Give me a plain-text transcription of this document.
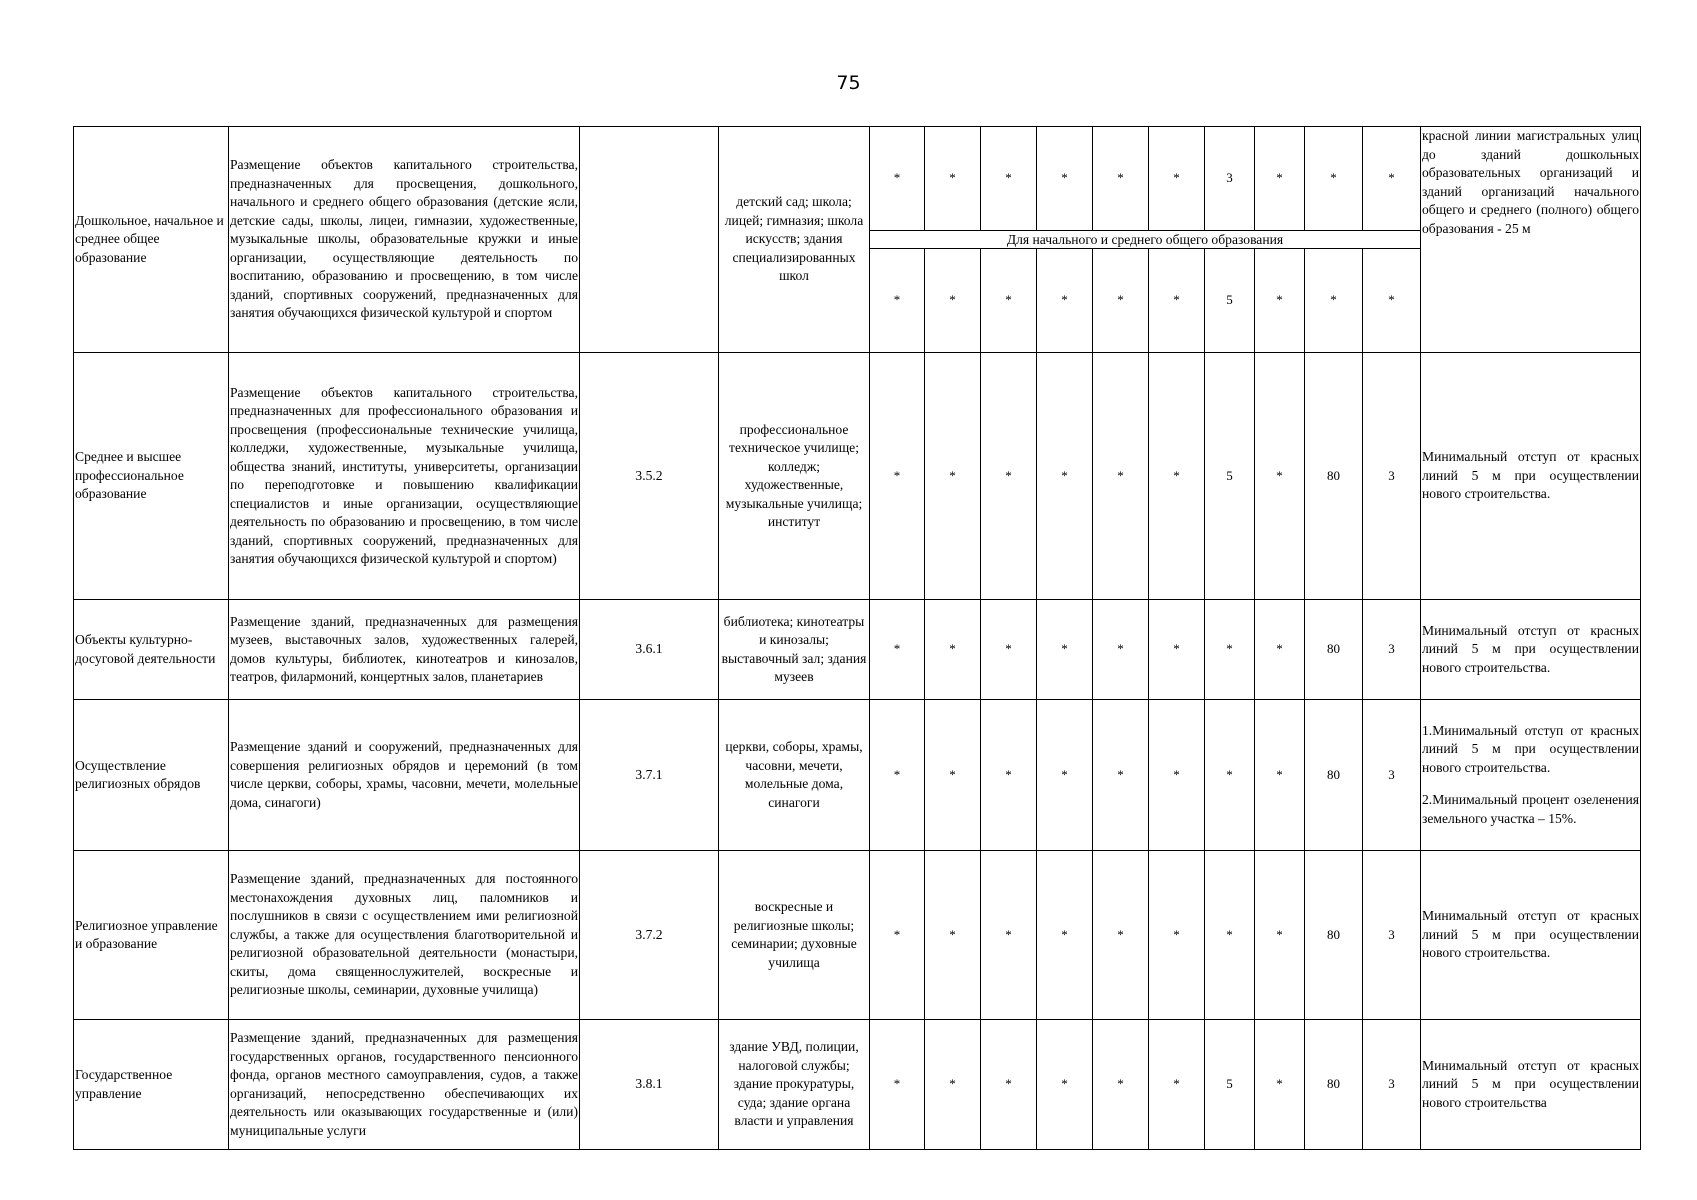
75
Дошкольное, начальное и среднее общее образование	Размещение объектов капитального строительства, предназначенных для просвещения, дошкольного, начального и среднего общего образования (детские ясли, детские сады, школы, лицеи, гимназии, художественные, музыкальные школы, образовательные кружки и иные организации, осуществляющие деятельность по воспитанию, образованию и просвещению, в том числе зданий, спортивных сооружений, предназначенных для занятия обучающихся физической культурой и спортом		детский сад; школа; лицей; гимназия; школа искусств; здания специализированных школ	*	*	*	*	*	*	3	*	*	*	красной линии магистральных улиц до зданий дошкольных образовательных организаций и зданий организаций начального общего и среднего (полного) общего образования - 25 м
				Для начального и среднего общего образования										
				*	*	*	*	*	*	5	*	*	*	
Среднее и высшее профессиональное образование	Размещение объектов капитального строительства, предназначенных для профессионального образования и просвещения (профессиональные технические училища, колледжи, художественные, музыкальные училища, общества знаний, институты, университеты, организации по переподготовке и повышению квалификации специалистов и иные организации, осуществляющие деятельность по образованию и просвещению, в том числе зданий, спортивных сооружений, предназначенных для занятия обучающихся физической культурой и спортом)	3.5.2	профессиональное техническое училище; колледж; художественные, музыкальные училища; институт	*	*	*	*	*	*	5	*	80	3	Минимальный отступ от красных линий 5 м при осуществлении нового строительства.

Объекты культурно-досуговой деятельности	Размещение зданий, предназначенных для размещения музеев, выставочных залов, художественных галерей, домов культуры, библиотек, кинотеатров и кинозалов, театров, филармоний, концертных залов, планетариев	3.6.1	библиотека; кинотеатры и кинозалы; выставочный зал; здания музеев	*	*	*	*	*	*	*	*	80	3	Минимальный отступ от красных линий 5 м при осуществлении нового строительства.

Осуществление религиозных обрядов	Размещение зданий и сооружений, предназначенных для совершения религиозных обрядов и церемоний (в том числе церкви, соборы, храмы, часовни, мечети, молельные дома, синагоги)	3.7.1	церкви, соборы, храмы, часовни, мечети, молельные дома, синагоги	*	*	*	*	*	*	*	*	80	3	1.Минимальный отступ от красных линий 5 м при осуществлении нового строительства.
2.Минимальный процент озеленения земельного участка – 15%.

Религиозное управление и образование	Размещение зданий, предназначенных для постоянного местонахождения духовных лиц, паломников и послушников в связи с осуществлением ими религиозной службы, а также для осуществления благотворительной и религиозной образовательной деятельности (монастыри, скиты, дома священнослужителей, воскресные и религиозные школы, семинарии, духовные училища)	3.7.2	воскресные и религиозные школы; семинарии; духовные училища	*	*	*	*	*	*	*	*	80	3	Минимальный отступ от красных линий 5 м при осуществлении нового строительства.

Государственное управление	Размещение зданий, предназначенных для размещения государственных органов, государственного пенсионного фонда, органов местного самоуправления, судов, а также организаций, непосредственно обеспечивающих их деятельность или оказывающих государственные и (или) муниципальные услуги	3.8.1	здание УВД, полиции, налоговой службы; здание прокуратуры, суда; здание органа власти и управления	*	*	*	*	*	*	5	*	80	3	Минимальный отступ от красных линий 5 м при осуществлении нового строительства
